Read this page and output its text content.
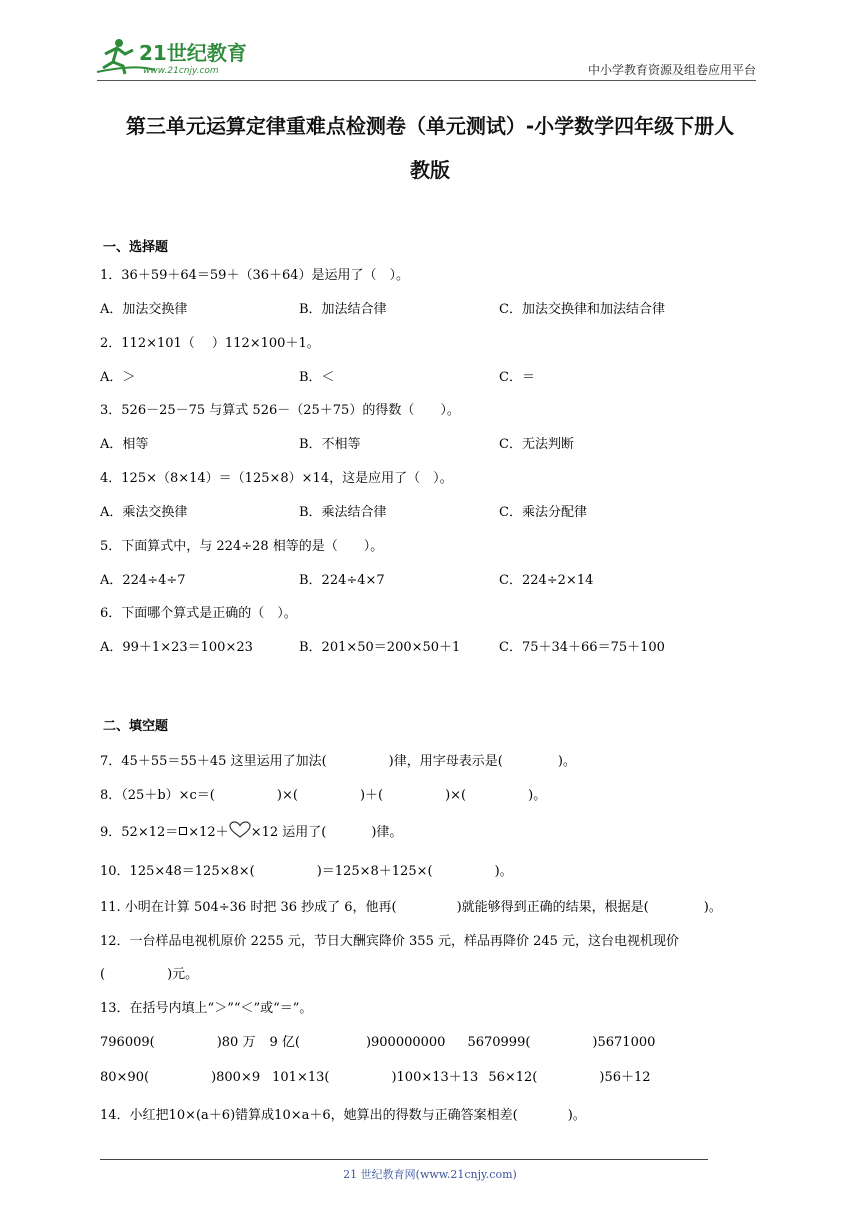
21世纪教育
www.21cnjy.com	中小学教育资源及组卷应用平台
第三单元运算定律重难点检测卷（单元测试）-小学数学四年级下册人
教版
一、选择题
1．36＋59＋64＝59＋（36＋64）是运用了（　）。
A．加法交换律	B．加法结合律	C．加法交换律和加法结合律
2．112×101（　 ）112×100＋1。
A．＞	B．＜	C．＝
3．526－25－75 与算式 526－（25＋75）的得数（　　）。
A．相等	B．不相等	C．无法判断
4．125×（8×14）＝（125×8）×14，这是应用了（　）。
A．乘法交换律	B．乘法结合律	C．乘法分配律
5．下面算式中，与 224÷28 相等的是（　　）。
A．224÷4÷7	B．224÷4×7	C．224÷2×14
6．下面哪个算式是正确的（　）。
A．99＋1×23＝100×23	B．201×50＝200×50＋1	C．75＋34＋66＝75＋100
二、填空题
7．45＋55＝55＋45 这里运用了加法(	)律，用字母表示是(	)。
8．（25＋b）×c＝(	)×(	)＋(	)×(	)。
9．52×12＝ ×12＋ ×12 运用了(	)律。
10．125×48＝125×8×(	)＝125×8＋125×(	)。
11. 小明在计算 504÷36 时把 36 抄成了 6，他再(	)就能够得到正确的结果，根据是(	)。
12．一台样品电视机原价 2255 元，节日大酬宾降价 355 元，样品再降价 245 元，这台电视机现价
(	)元。
13．在括号内填上“＞”“＜”或“＝”。
796009(	)80 万 9 亿(	)900000000 5670999(	)5671000
80×90(	)800×9 101×13(	)100×13＋13 56×12(	)56＋12
14．小红把10×(a＋6)错算成10×a＋6，她算出的得数与正确答案相差(	)。
21 世纪教育网(www.21cnjy.com)
